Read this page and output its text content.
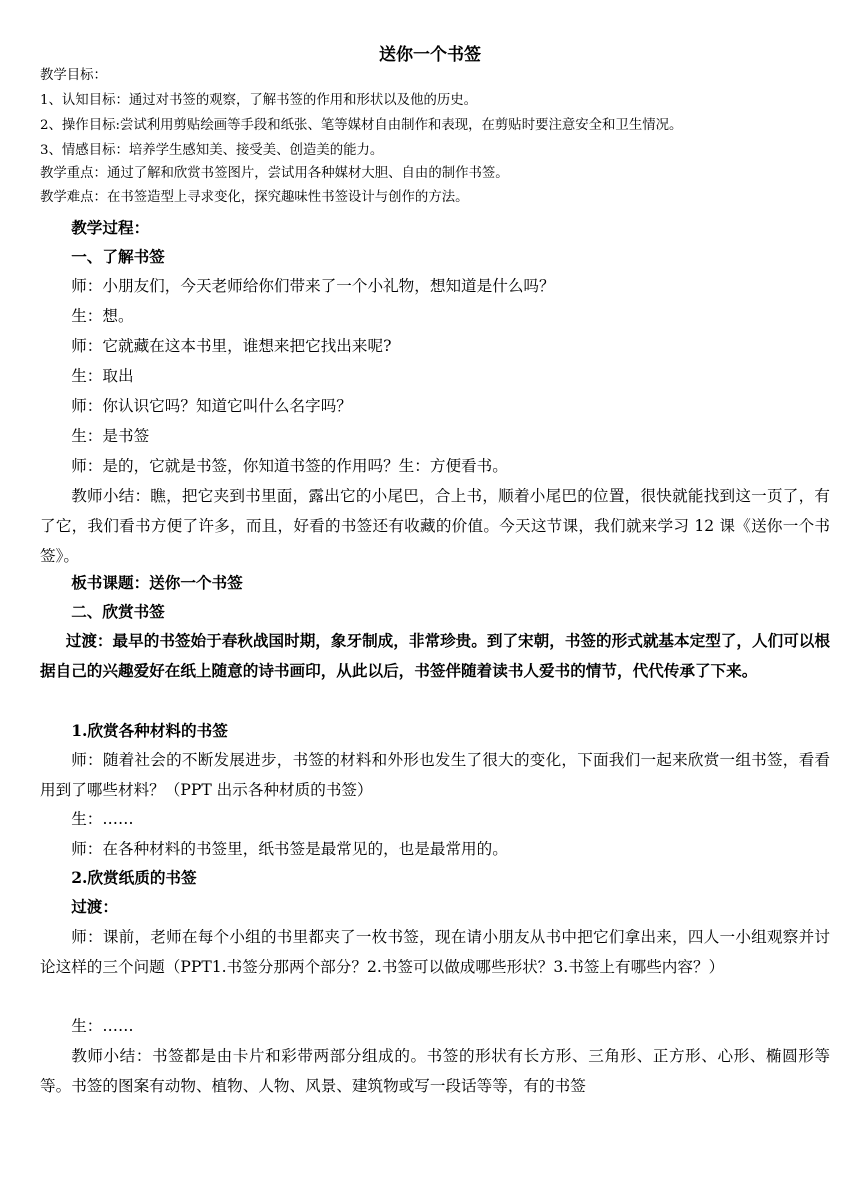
送你一个书签
教学目标：
1、认知目标：通过对书签的观察，了解书签的作用和形状以及他的历史。
2、操作目标:尝试利用剪贴绘画等手段和纸张、笔等媒材自由制作和表现，在剪贴时要注意安全和卫生情况。
3、情感目标：培养学生感知美、接受美、创造美的能力。
教学重点：通过了解和欣赏书签图片，尝试用各种媒材大胆、自由的制作书签。
教学难点：在书签造型上寻求变化，探究趣味性书签设计与创作的方法。
教学过程：
一、了解书签
师：小朋友们，今天老师给你们带来了一个小礼物，想知道是什么吗？
生：想。
师：它就藏在这本书里，谁想来把它找出来呢?
生：取出
师：你认识它吗？知道它叫什么名字吗？
生：是书签
师：是的，它就是书签，你知道书签的作用吗？生：方便看书。
教师小结：瞧，把它夹到书里面，露出它的小尾巴，合上书，顺着小尾巴的位置，很快就能找到这一页了，有了它，我们看书方便了许多，而且，好看的书签还有收藏的价值。今天这节课，我们就来学习 12 课《送你一个书签》。
板书课题：送你一个书签
二、欣赏书签
过渡：最早的书签始于春秋战国时期，象牙制成，非常珍贵。到了宋朝，书签的形式就基本定型了，人们可以根据自己的兴趣爱好在纸上随意的诗书画印，从此以后，书签伴随着读书人爱书的情节，代代传承了下来。
1.欣赏各种材料的书签
师：随着社会的不断发展进步，书签的材料和外形也发生了很大的变化，下面我们一起来欣赏一组书签，看看用到了哪些材料？（PPT 出示各种材质的书签）
生：……
师：在各种材料的书签里，纸书签是最常见的，也是最常用的。
2.欣赏纸质的书签
过渡：
师：课前，老师在每个小组的书里都夹了一枚书签，现在请小朋友从书中把它们拿出来，四人一小组观察并讨论这样的三个问题（PPT1.书签分那两个部分？2.书签可以做成哪些形状？3.书签上有哪些内容？）
生：……
教师小结：书签都是由卡片和彩带两部分组成的。书签的形状有长方形、三角形、正方形、心形、椭圆形等等。书签的图案有动物、植物、人物、风景、建筑物或写一段话等等，有的书签
